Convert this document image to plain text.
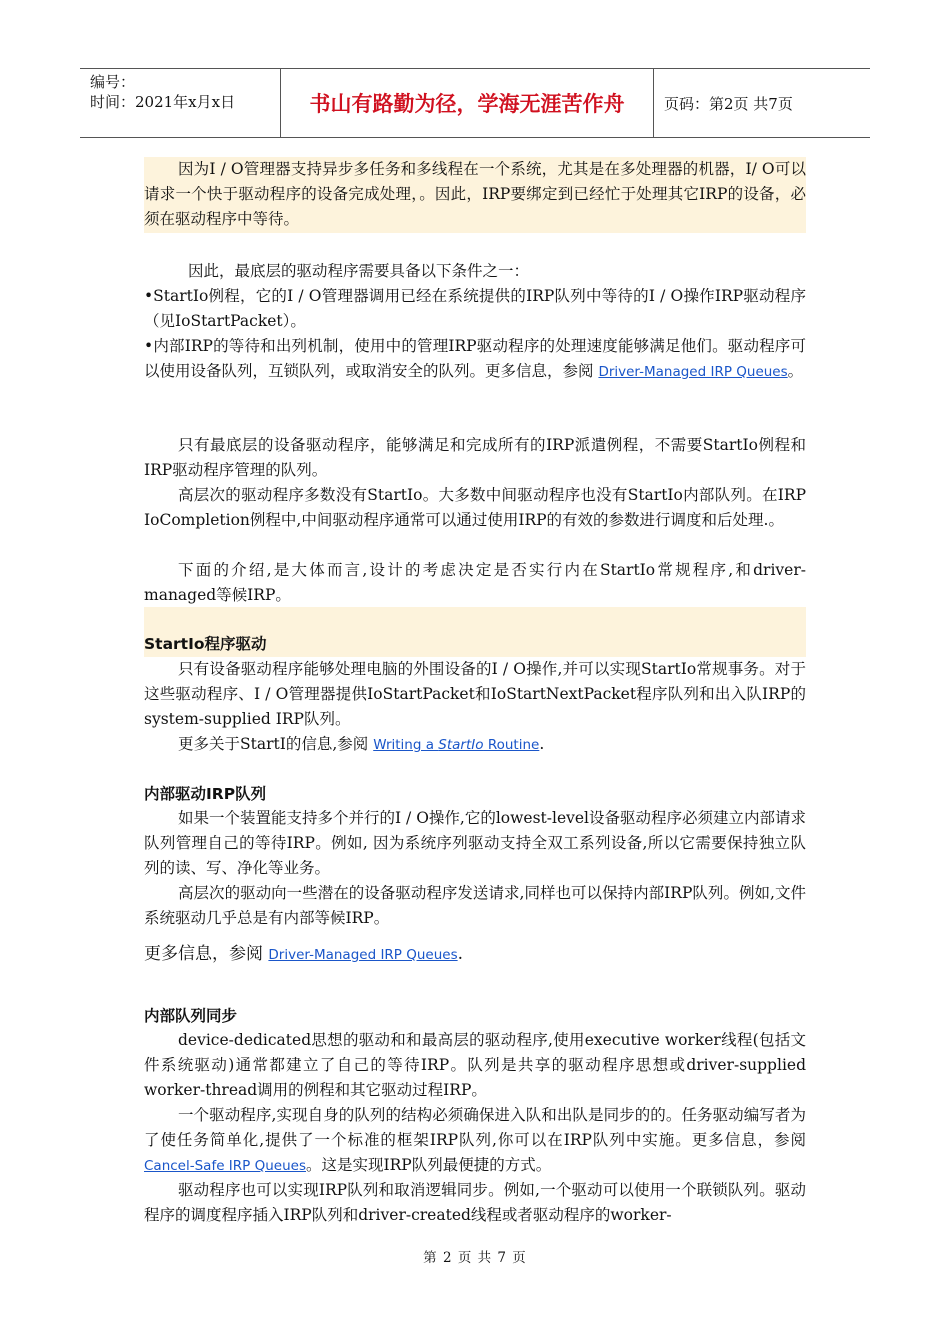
编号：
时间：2021年x月x日	书山有路勤为径，学海无涯苦作舟	页码：第2页 共7页
因为I / O管理器支持异步多任务和多线程在一个系统，尤其是在多处理器的机器，I/ O可以请求一个快于驱动程序的设备完成处理，。因此，IRP要绑定到已经忙于处理其它IRP的设备，必须在驱动程序中等待。
因此，最底层的驱动程序需要具备以下条件之一：
•StartIo例程，它的I / O管理器调用已经在系统提供的IRP队列中等待的I / O操作IRP驱动程序（见IoStartPacket）。
•内部IRP的等待和出列机制，使用中的管理IRP驱动程序的处理速度能够满足他们。驱动程序可以使用设备队列，互锁队列，或取消安全的队列。更多信息，参阅 Driver-Managed IRP Queues。
只有最底层的设备驱动程序，能够满足和完成所有的IRP派遣例程，不需要StartIo例程和IRP驱动程序管理的队列。
高层次的驱动程序多数没有StartIo。大多数中间驱动程序也没有StartIo内部队列。在IRP IoCompletion例程中,中间驱动程序通常可以通过使用IRP的有效的参数进行调度和后处理.。
下面的介绍,是大体而言,设计的考虑决定是否实行内在StartIo常规程序,和driver-managed等候IRP。
StartIo程序驱动
只有设备驱动程序能够处理电脑的外围设备的I / O操作,并可以实现StartIo常规事务。对于这些驱动程序、I / O管理器提供IoStartPacket和IoStartNextPacket程序队列和出入队IRP的system-supplied IRP队列。
更多关于StartI的信息,参阅 Writing a StartIo Routine.
内部驱动IRP队列
如果一个装置能支持多个并行的I / O操作,它的lowest-level设备驱动程序必须建立内部请求队列管理自己的等待IRP。例如, 因为系统序列驱动支持全双工系列设备,所以它需要保持独立队列的读、写、净化等业务。
高层次的驱动向一些潜在的设备驱动程序发送请求,同样也可以保持内部IRP队列。例如,文件系统驱动几乎总是有内部等候IRP。
更多信息，参阅 Driver-Managed IRP Queues.
内部队列同步
device-dedicated思想的驱动和和最高层的驱动程序,使用executive worker线程(包括文件系统驱动)通常都建立了自己的等待IRP。队列是共享的驱动程序思想或driver-supplied worker-thread调用的例程和其它驱动过程IRP。
一个驱动程序,实现自身的队列的结构必须确保进入队和出队是同步的的。任务驱动编写者为了使任务简单化,提供了一个标准的框架IRP队列,你可以在IRP队列中实施。更多信息，参阅 Cancel-Safe IRP Queues。这是实现IRP队列最便捷的方式。
驱动程序也可以实现IRP队列和取消逻辑同步。例如,一个驱动可以使用一个联锁队列。驱动程序的调度程序插入IRP队列和driver-created线程或者驱动程序的worker-
第 2 页 共 7 页
